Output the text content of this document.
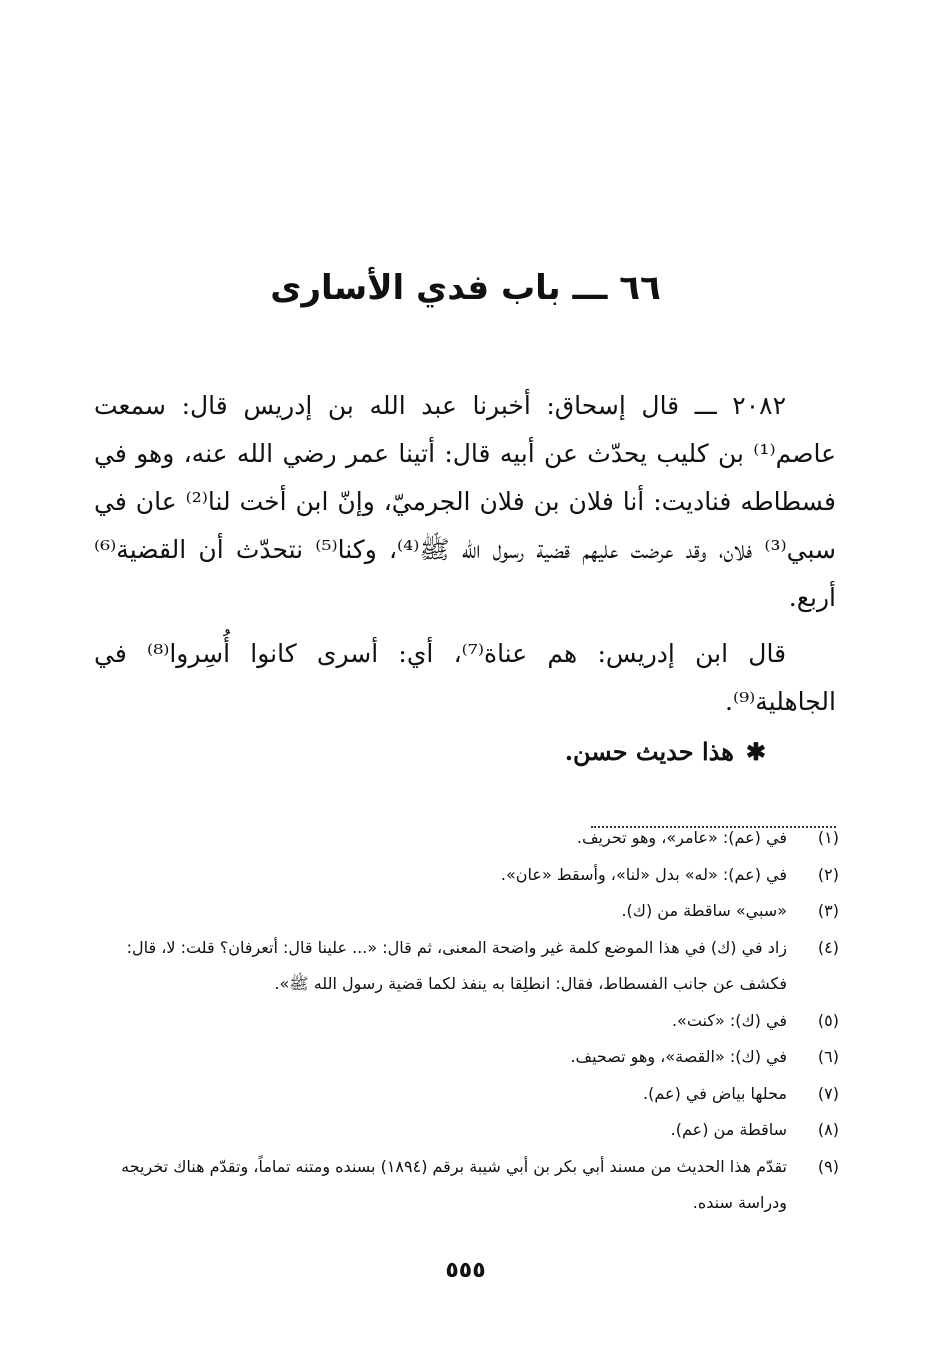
٦٦ ـــ باب فدي الأسارى

٢٠٨٢ ـــ قال إسحاق: أخبرنا عبد الله بن إدريس قال: سمعت عاصم⁽¹⁾ بن كليب يحدّث عن أبيه قال: أتينا عمر رضي الله عنه، وهو في فسطاطه فناديت: أنا فلان بن فلان الجرميّ، وإنّ ابن أخت لنا⁽²⁾ عان في سبي⁽³⁾ فلان، وقد عرضت عليهم قضية رسول الله ﷺ⁽⁴⁾، وكنا⁽⁵⁾ نتحدّث أن القضية⁽⁶⁾ أربع.

قال ابن إدريس: هم عناة⁽⁷⁾، أي: أسرى كانوا أُسِروا⁽⁸⁾ في الجاهلية⁽⁹⁾.

✱هذا حديث حسن.
(١)
في (عم): «عامر»، وهو تحريف.
(٢)
في (عم): «له» بدل «لنا»، وأسقط «عان».
(٣)
«سبي» ساقطة من (ك).
(٤)
زاد في (ك) في هذا الموضع كلمة غير واضحة المعنى، ثم قال: «... علينا قال: أتعرفان؟ قلت: لا، قال: فكشف عن جانب الفسطاط، فقال: انطلِقا به ينفذ لكما قضية رسول الله ﷺ».
(٥)
في (ك): «كنت».
(٦)
في (ك): «القصة»، وهو تصحيف.
(٧)
محلها بياض في (عم).
(٨)
ساقطة من (عم).
(٩)
تقدّم هذا الحديث من مسند أبي بكر بن أبي شيبة برقم (١٨٩٤) بسنده ومتنه تماماً، وتقدّم هناك تخريجه ودراسة سنده.
٥٥٥
